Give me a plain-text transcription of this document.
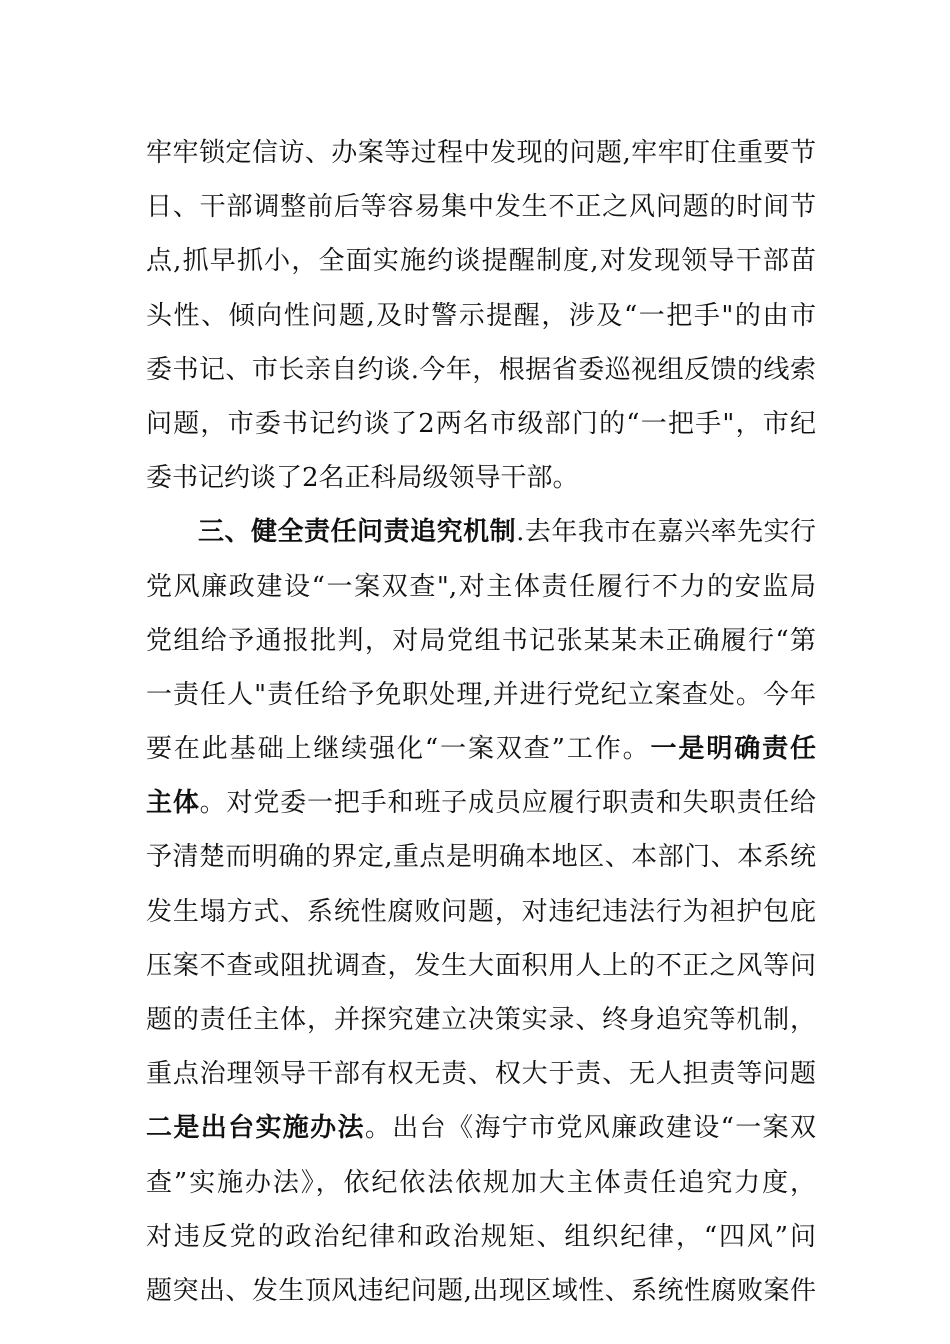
牢牢锁定信访、办案等过程中发现的问题,牢牢盯住重要节
日、干部调整前后等容易集中发生不正之风问题的时间节
点,抓早抓小，全面实施约谈提醒制度,对发现领导干部苗
头性、倾向性问题,及时警示提醒，涉及“一把手"的由市
委书记、市长亲自约谈.今年，根据省委巡视组反馈的线索
问题，市委书记约谈了2两名市级部门的“一把手"，市纪
委书记约谈了2名正科局级领导干部。
三、健全责任问责追究机制.去年我市在嘉兴率先实行
党风廉政建设“一案双查",对主体责任履行不力的安监局
党组给予通报批判，对局党组书记张某某未正确履行“第
一责任人"责任给予免职处理,并进行党纪立案查处。今年
要在此基础上继续强化“一案双查”工作。一是明确责任
主体。对党委一把手和班子成员应履行职责和失职责任给
予清楚而明确的界定,重点是明确本地区、本部门、本系统
发生塌方式、系统性腐败问题，对违纪违法行为袒护包庇
压案不查或阻扰调查，发生大面积用人上的不正之风等问
题的责任主体，并探究建立决策实录、终身追究等机制，
重点治理领导干部有权无责、权大于责、无人担责等问题
二是出台实施办法。出台《海宁市党风廉政建设“一案双
查”实施办法》，依纪依法依规加大主体责任追究力度，
对违反党的政治纪律和政治规矩、组织纪律，“四风”问
题突出、发生顶风违纪问题,出现区域性、系统性腐败案件
